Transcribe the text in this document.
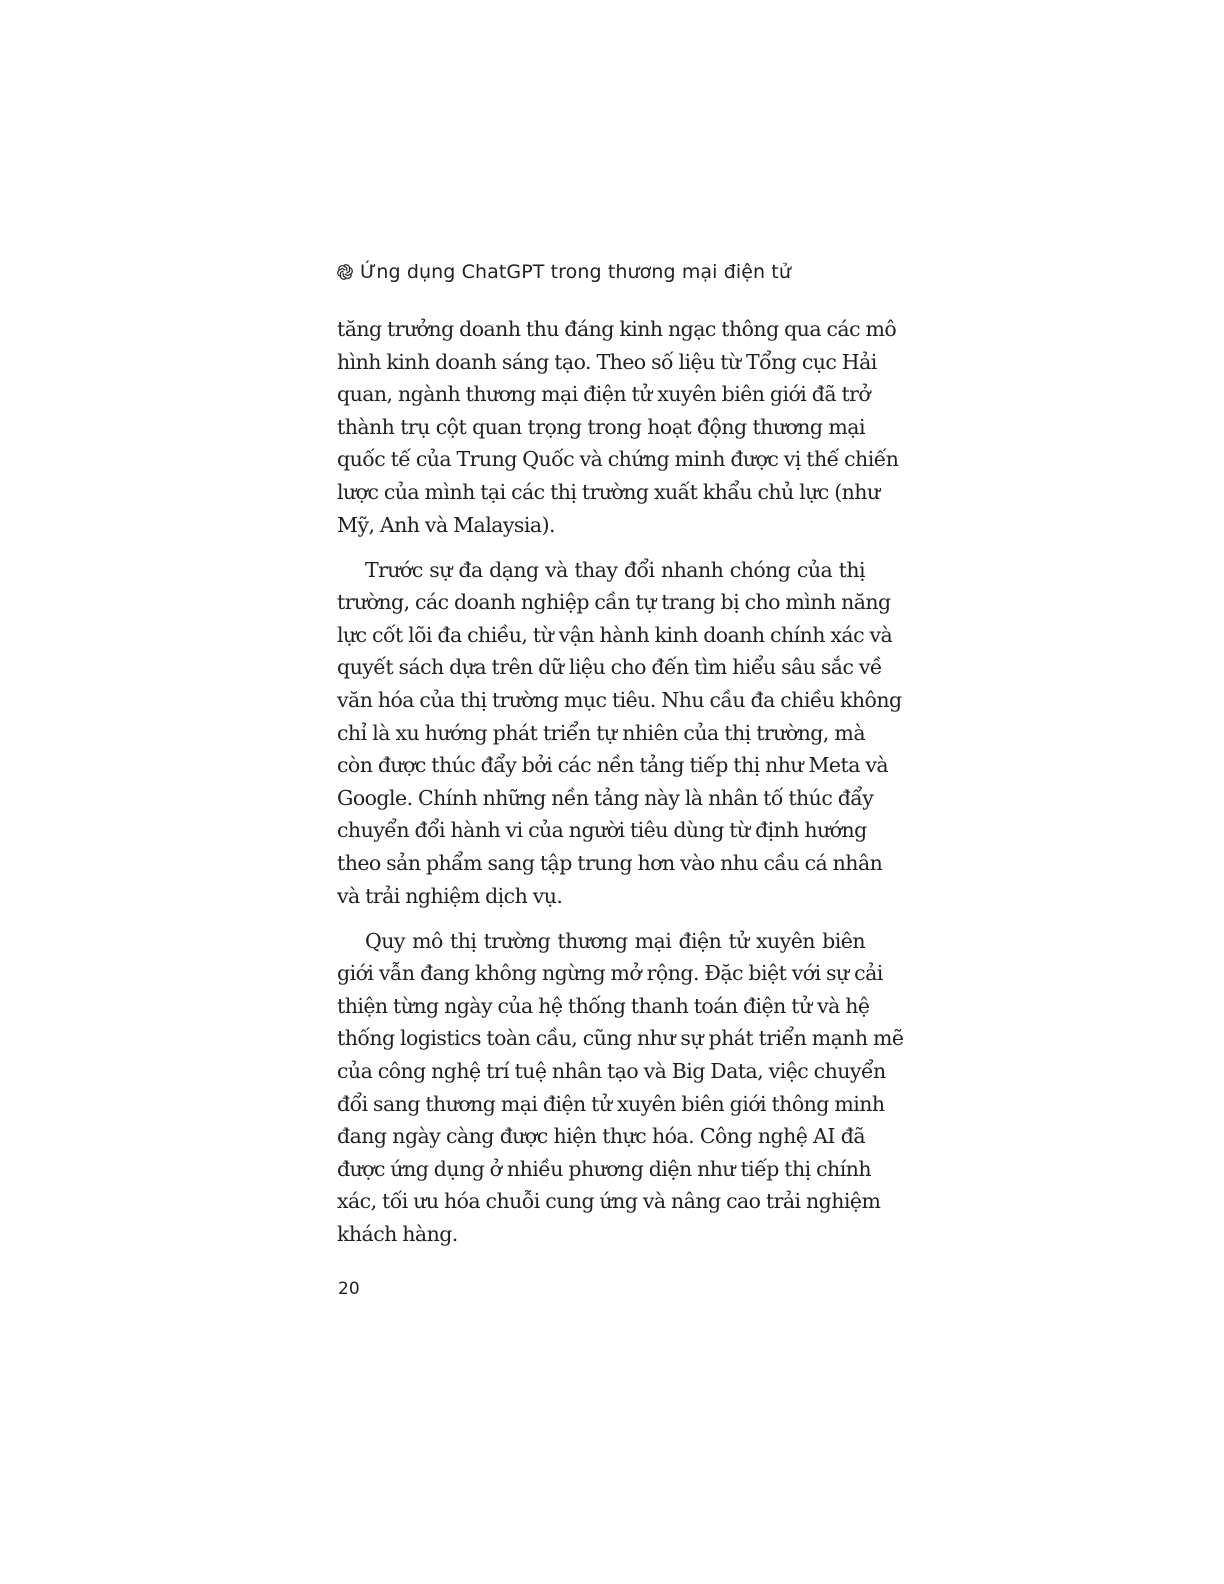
Ứng dụng ChatGPT trong thương mại điện tử
tăng trưởng doanh thu đáng kinh ngạc thông qua các mô
hình kinh doanh sáng tạo. Theo số liệu từ Tổng cục Hải
quan, ngành thương mại điện tử xuyên biên giới đã trở
thành trụ cột quan trọng trong hoạt động thương mại
quốc tế của Trung Quốc và chứng minh được vị thế chiến
lược của mình tại các thị trường xuất khẩu chủ lực (như
Mỹ, Anh và Malaysia).
Trước sự đa dạng và thay đổi nhanh chóng của thị
trường, các doanh nghiệp cần tự trang bị cho mình năng
lực cốt lõi đa chiều, từ vận hành kinh doanh chính xác và
quyết sách dựa trên dữ liệu cho đến tìm hiểu sâu sắc về
văn hóa của thị trường mục tiêu. Nhu cầu đa chiều không
chỉ là xu hướng phát triển tự nhiên của thị trường, mà
còn được thúc đẩy bởi các nền tảng tiếp thị như Meta và
Google. Chính những nền tảng này là nhân tố thúc đẩy
chuyển đổi hành vi của người tiêu dùng từ định hướng
theo sản phẩm sang tập trung hơn vào nhu cầu cá nhân
và trải nghiệm dịch vụ.
Quy mô thị trường thương mại điện tử xuyên biên
giới vẫn đang không ngừng mở rộng. Đặc biệt với sự cải
thiện từng ngày của hệ thống thanh toán điện tử và hệ
thống logistics toàn cầu, cũng như sự phát triển mạnh mẽ
của công nghệ trí tuệ nhân tạo và Big Data, việc chuyển
đổi sang thương mại điện tử xuyên biên giới thông minh
đang ngày càng được hiện thực hóa. Công nghệ AI đã
được ứng dụng ở nhiều phương diện như tiếp thị chính
xác, tối ưu hóa chuỗi cung ứng và nâng cao trải nghiệm
khách hàng.
20
